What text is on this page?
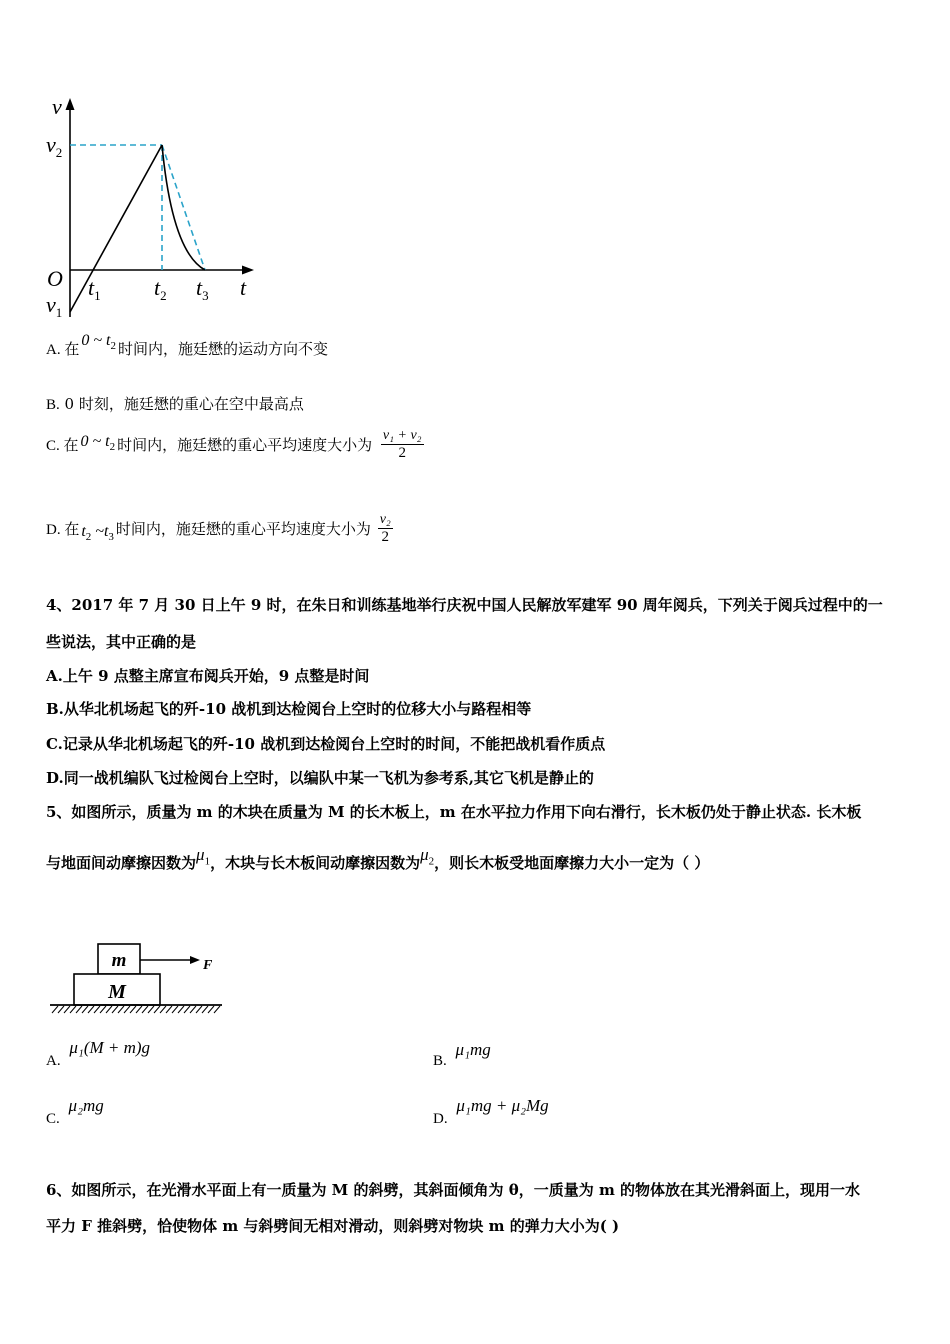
v
$v_2$
O
$v_1$
$t_1$ $t_2$ $t_3$ t
A. 在0 ~ $t_2$ 时间内，施廷懋的运动方向不变
B. 0 时刻，施廷懋的重心在空中最高点
C. 在 0 ~ $t_2$ 时间内，施廷懋的重心平均速度大小为 $\frac{\text{v₁ + v₂}}{2}$
D. 在 $t_2$ $\sim t_3$ 时间内，施廷懋的重心平均速度大小为 $\frac{\text{v₂}}{2}$
4、2017 年 7 月 30 日上午 9 时，在朱日和训练基地举行庆祝中国人民解放军建军 90 周年阅兵，下列关于阅兵过程中的一
些说法，其中正确的是
A.上午 9 点整主席宣布阅兵开始，9 点整是时间
B.从华北机场起飞的歼-10 战机到达检阅台上空时的位移大小与路程相等
C.记录从华北机场起飞的歼-10 战机到达检阅台上空时的时间，不能把战机看作质点
D.同一战机编队飞过检阅台上空时，以编队中某一飞机为参考系,其它飞机是静止的
5、如图所示，质量为 m 的木块在质量为 M 的长木板上，m 在水平拉力作用下向右滑行，长木板仍处于静止状态. 长木板
与地面间动摩擦因数为$\mu_1$，木块与长木板间动摩擦因数为$\mu_2$，则长木板受地面摩擦力大小一定为（ ）
m
M
F
A. μ₁(M + m)g
B. μ₁mg
C. μ₂mg
D. μ₁mg + μ₂Mg
6、如图所示，在光滑水平面上有一质量为 M 的斜劈，其斜面倾角为 θ，一质量为 m 的物体放在其光滑斜面上，现用一水
平力 F 推斜劈，恰使物体 m 与斜劈间无相对滑动，则斜劈对物块 m 的弹力大小为( )
